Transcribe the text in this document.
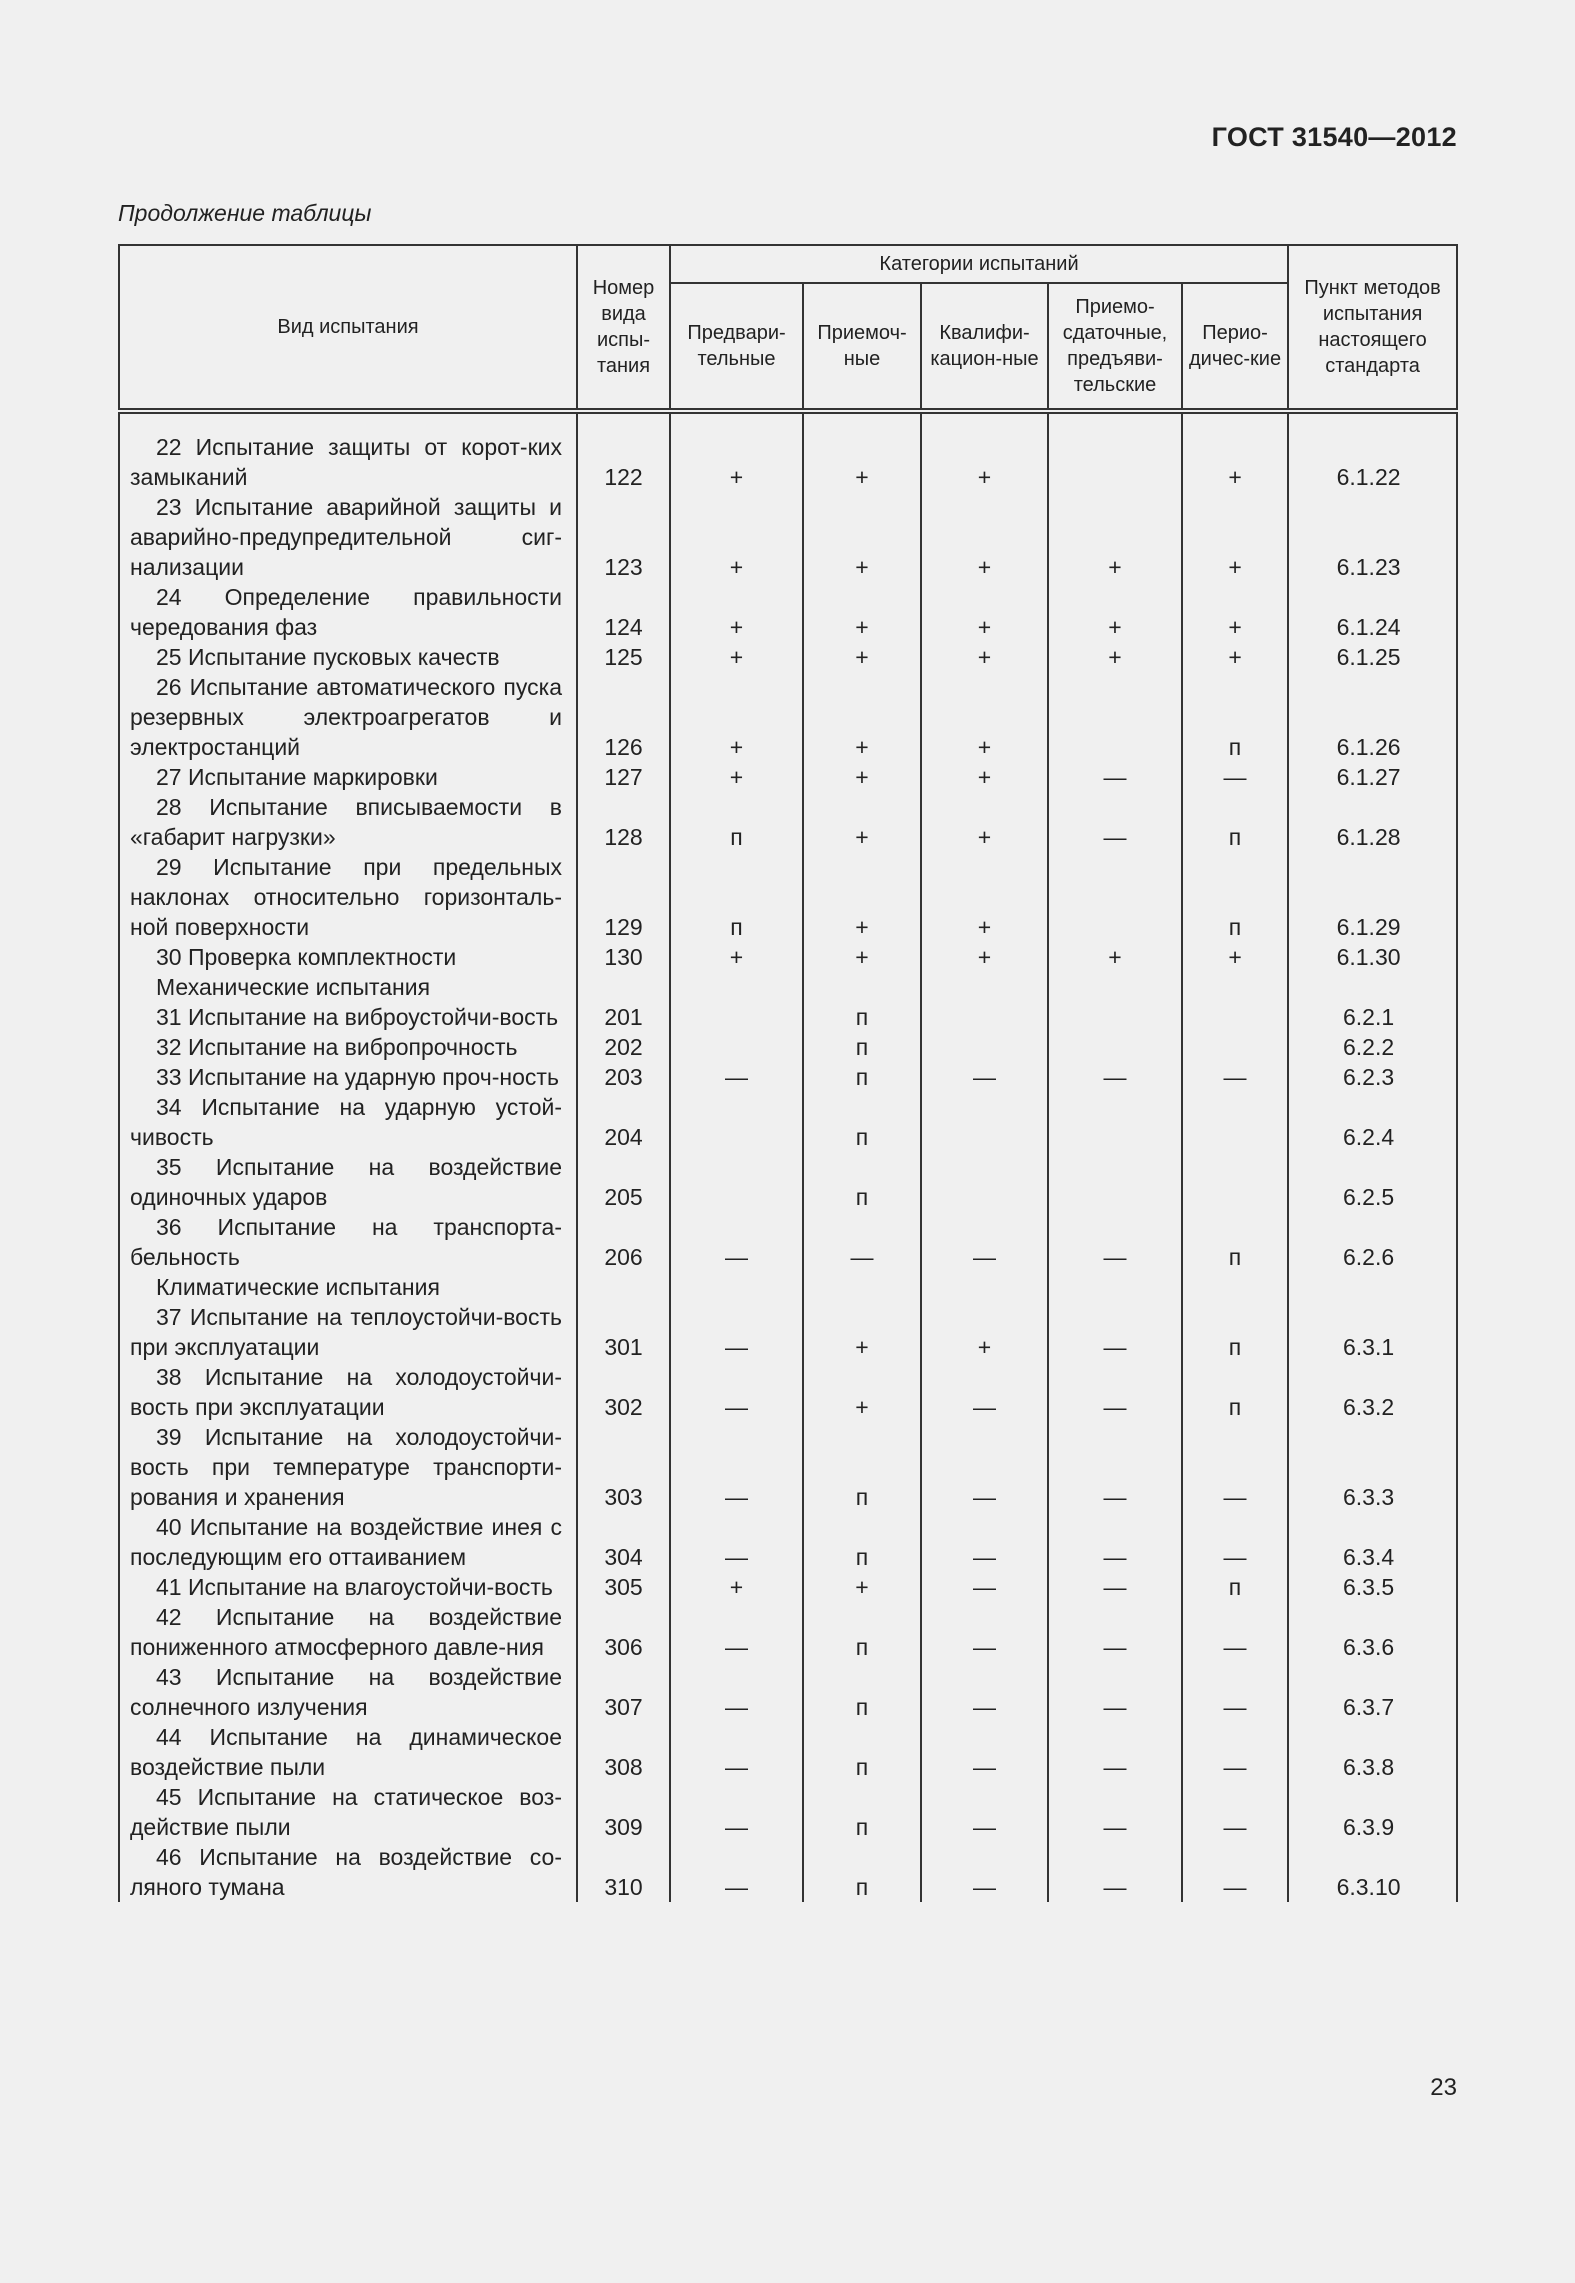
ГОСТ 31540—2012
Продолжение таблицы
Вид испытания	Номер вида испы-тания	Категории испытаний					Пункт методов испытания настоящего стандарта
		Предвари-тельные	Приемоч-ные	Квалифи-кацион-ные	Приемо-сдаточные, предъяви-тельские	Перио-дичес-кие	
22 Испытание защиты от корот-ких замыканий	122	+	+	+		+	6.1.22
23 Испытание аварийной защиты и аварийно-предупредительной сиг-нализации	123	+	+	+	+	+	6.1.23
24 Определение правильности чередования фаз	124	+	+	+	+	+	6.1.24
25 Испытание пусковых качеств	125	+	+	+	+	+	6.1.25
26 Испытание автоматического пуска резервных электроагрегатов и электростанций	126	+	+	+		п	6.1.26
27 Испытание маркировки	127	+	+	+	—	—	6.1.27
28 Испытание вписываемости в «габарит нагрузки»	128	п	+	+	—	п	6.1.28
29 Испытание при предельных наклонах относительно горизонталь-ной поверхности	129	п	+	+		п	6.1.29
30 Проверка комплектности	130	+	+	+	+	+	6.1.30
Механические испытания							
31 Испытание на виброустойчи-вость	201		п				6.2.1
32 Испытание на вибропрочность	202		п				6.2.2
33 Испытание на ударную проч-ность	203	—	п	—	—	—	6.2.3
34 Испытание на ударную устой-чивость	204		п				6.2.4
35 Испытание на воздействие одиночных ударов	205		п				6.2.5
36 Испытание на транспорта-бельность	206	—	—	—	—	п	6.2.6
Климатические испытания							
37 Испытание на теплоустойчи-вость при эксплуатации	301	—	+	+	—	п	6.3.1
38 Испытание на холодоустойчи-вость при эксплуатации	302	—	+	—	—	п	6.3.2
39 Испытание на холодоустойчи-вость при температуре транспорти-рования и хранения	303	—	п	—	—	—	6.3.3
40 Испытание на воздействие инея с последующим его оттаиванием	304	—	п	—	—	—	6.3.4
41 Испытание на влагоустойчи-вость	305	+	+	—	—	п	6.3.5
42 Испытание на воздействие пониженного атмосферного давле-ния	306	—	п	—	—	—	6.3.6
43 Испытание на воздействие солнечного излучения	307	—	п	—	—	—	6.3.7
44 Испытание на динамическое воздействие пыли	308	—	п	—	—	—	6.3.8
45 Испытание на статическое воз-действие пыли	309	—	п	—	—	—	6.3.9
46 Испытание на воздействие со-ляного тумана	310	—	п	—	—	—	6.3.10
23
